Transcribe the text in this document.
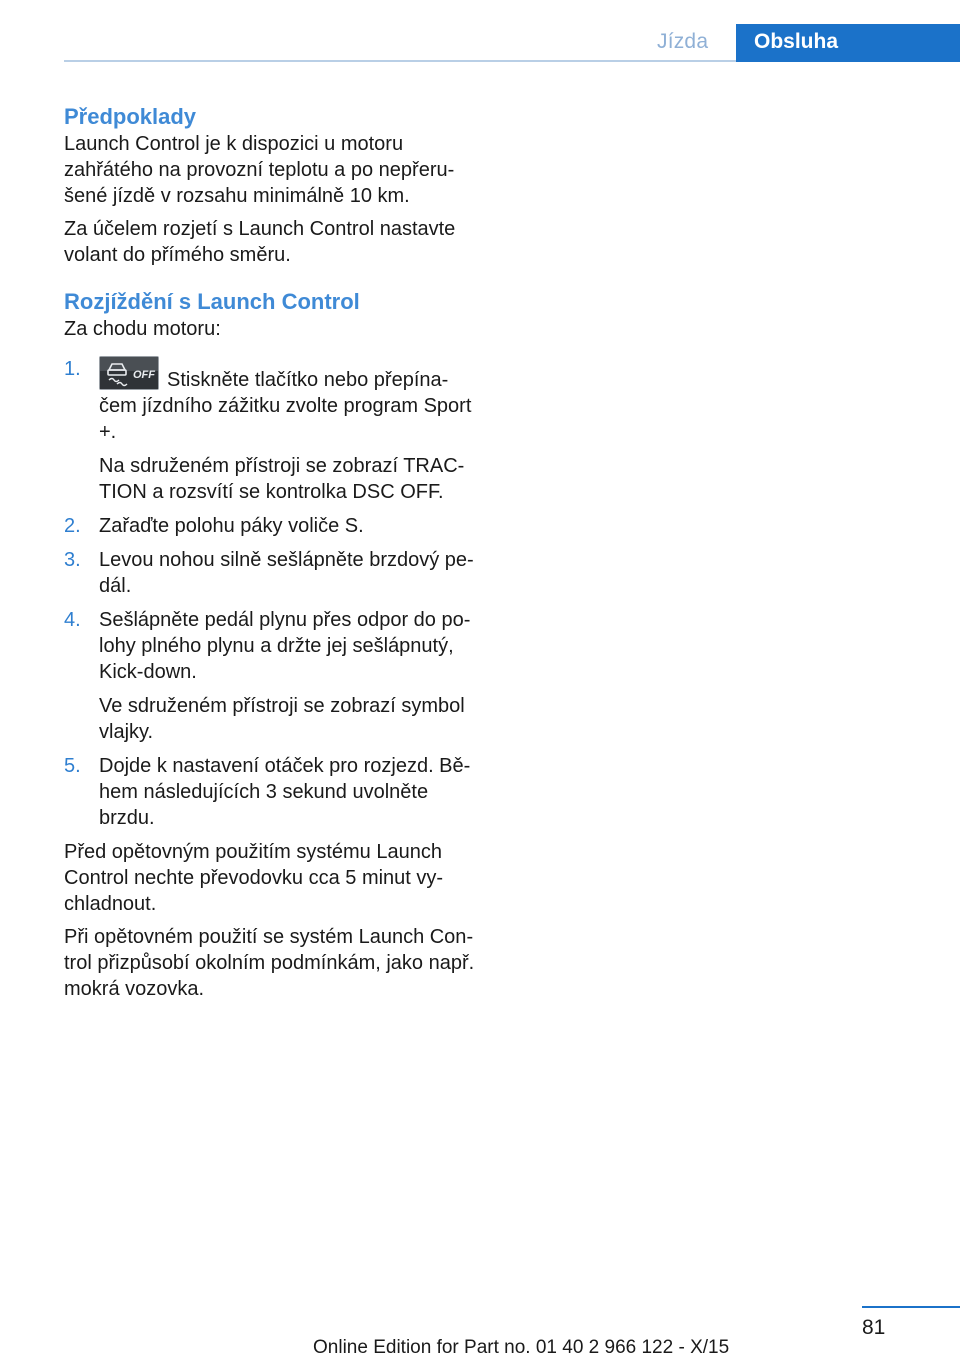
Jízda	Obsluha
Předpoklady

Launch Control je k dispozici u motoru zahřátého na provozní teplotu a po nepřerušené jízdě v rozsahu minimálně 10 km.

Za účelem rozjetí s Launch Control nastavte volant do přímého směru.

Rozjíždění s Launch Control

Za chodu motoru:

1.	OFF Stiskněte tlačítko nebo přepínačem jízdního zážitku zvolte program Sport +.

Na sdruženém přístroji se zobrazí TRACTION a rozsvítí se kontrolka DSC OFF.

2. Zařaďte polohu páky voliče S.

3. Levou nohou silně sešlápněte brzdový pedál.

4. Sešlápněte pedál plynu přes odpor do polohy plného plynu a držte jej sešlápnutý, Kick-down.

Ve sdruženém přístroji se zobrazí symbol vlajky.

5. Dojde k nastavení otáček pro rozjezd. Během následujících 3 sekund uvolněte brzdu.

Před opětovným použitím systému Launch Control nechte převodovku cca 5 minut vychladnout.

Při opětovném použití se systém Launch Control přizpůsobí okolním podmínkám, jako např. mokrá vozovka.

81
Online Edition for Part no. 01 40 2 966 122 - X/15
